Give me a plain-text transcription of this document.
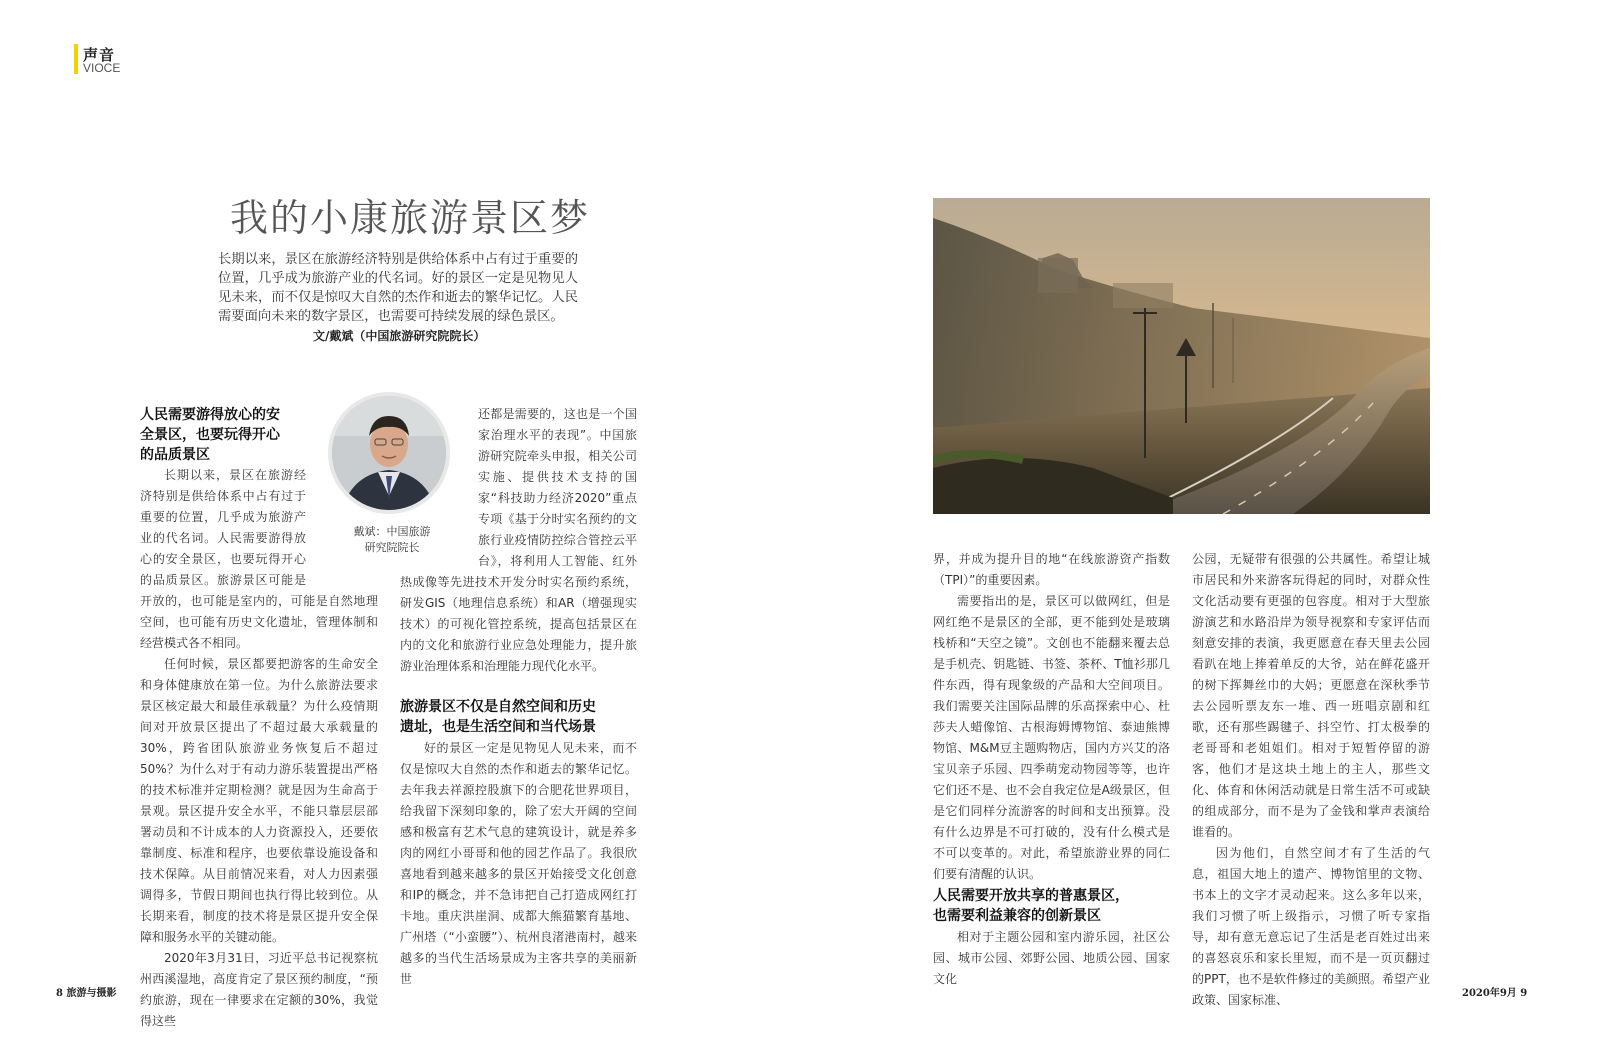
声音
VIOCE
我的小康旅游景区梦
长期以来，景区在旅游经济特别是供给体系中占有过于重要的位置，几乎成为旅游产业的代名词。好的景区一定是见物见人见未来，而不仅是惊叹大自然的杰作和逝去的繁华记忆。人民需要面向未来的数字景区，也需要可持续发展的绿色景区。
文/戴斌（中国旅游研究院院长）
人民需要游得放心的安
全景区，也要玩得开心
的品质景区

长期以来，景区在旅游经济特别是供给体系中占有过于重要的位置，几乎成为旅游产业的代名词。人民需要游得放心的安全景区，也要玩得开心的品质景区。旅游景区可能是开放的，也可能是室内的，可能是自然地理空间，也可能有历史文化遗址，管理体制和经营模式各不相同。

任何时候，景区都要把游客的生命安全和身体健康放在第一位。为什么旅游法要求景区核定最大和最佳承载量？为什么疫情期间对开放景区提出了不超过最大承载量的30%，跨省团队旅游业务恢复后不超过50%？为什么对于有动力游乐装置提出严格的技术标准并定期检测？就是因为生命高于景观。景区提升安全水平，不能只靠层层部署动员和不计成本的人力资源投入，还要依靠制度、标准和程序，也要依靠设施设备和技术保障。从目前情况来看，对人力因素强调得多，节假日期间也执行得比较到位。从长期来看，制度的技术将是景区提升安全保障和服务水平的关键动能。

2020年3月31日，习近平总书记视察杭州西溪湿地，高度肯定了景区预约制度，“预约旅游，现在一律要求在定额的30%，我觉得这些

戴斌：中国旅游
研究院院长

还都是需要的，这也是一个国家治理水平的表现”。中国旅游研究院牵头申报，相关公司实施、提供技术支持的国家“科技助力经济2020”重点专项《基于分时实名预约的文旅行业疫情防控综合管控云平台》，将利用人工智能、红外热成像等先进技术开发分时实名预约系统，研发GIS（地理信息系统）和AR（增强现实技术）的可视化管控系统，提高包括景区在内的文化和旅游行业应急处理能力，提升旅游业治理体系和治理能力现代化水平。

旅游景区不仅是自然空间和历史
遗址，也是生活空间和当代场景

好的景区一定是见物见人见未来，而不仅是惊叹大自然的杰作和逝去的繁华记忆。去年我去祥源控股旗下的合肥花世界项目，给我留下深刻印象的，除了宏大开阔的空间感和极富有艺术气息的建筑设计，就是养多肉的网红小哥哥和他的园艺作品了。我很欣喜地看到越来越多的景区开始接受文化创意和IP的概念，并不急讳把自己打造成网红打卡地。重庆洪崖洞、成都大熊猫繁育基地、广州塔（“小蛮腰”）、杭州良渚港南村，越来越多的当代生活场景成为主客共享的美丽新世

界，并成为提升目的地“在线旅游资产指数（TPI）”的重要因素。

需要指出的是，景区可以做网红，但是网红绝不是景区的全部，更不能到处是玻璃栈桥和“天空之镜”。文创也不能翻来覆去总是手机壳、钥匙链、书签、茶杯、T恤衫那几件东西，得有现象级的产品和大空间项目。我们需要关注国际品牌的乐高探索中心、杜莎夫人蜡像馆、古根海姆博物馆、泰迪熊博物馆、M&M豆主题购物店，国内方兴艾的洛宝贝亲子乐园、四季萌宠动物园等等，也许它们还不是、也不会自我定位是A级景区，但是它们同样分流游客的时间和支出预算。没有什么边界是不可打破的，没有什么模式是不可以变革的。对此，希望旅游业界的同仁们要有清醒的认识。

人民需要开放共享的普惠景区，
也需要利益兼容的创新景区

相对于主题公园和室内游乐园，社区公园、城市公园、郊野公园、地质公园、国家文化

公园，无疑带有很强的公共属性。希望让城市居民和外来游客玩得起的同时，对群众性文化活动要有更强的包容度。相对于大型旅游演艺和水路沿岸为领导视察和专家评估而刻意安排的表演，我更愿意在春天里去公园看趴在地上捧着单反的大爷，站在鲜花盛开的树下挥舞丝巾的大妈；更愿意在深秋季节去公园听票友东一堆、西一班唱京剧和红歌，还有那些踢毽子、抖空竹、打太极拳的老哥哥和老姐姐们。相对于短暂停留的游客，他们才是这块土地上的主人，那些文化、体育和休闲活动就是日常生活不可或缺的组成部分，而不是为了金钱和掌声表演给谁看的。

因为他们，自然空间才有了生活的气息，祖国大地上的遗产、博物馆里的文物、书本上的文字才灵动起来。这么多年以来，我们习惯了听上级指示，习惯了听专家指导，却有意无意忘记了生活是老百姓过出来的喜怒哀乐和家长里短，而不是一页页翻过的PPT，也不是软件修过的美颜照。希望产业政策、国家标准、

8 旅游与摄影	2020年9月 9
